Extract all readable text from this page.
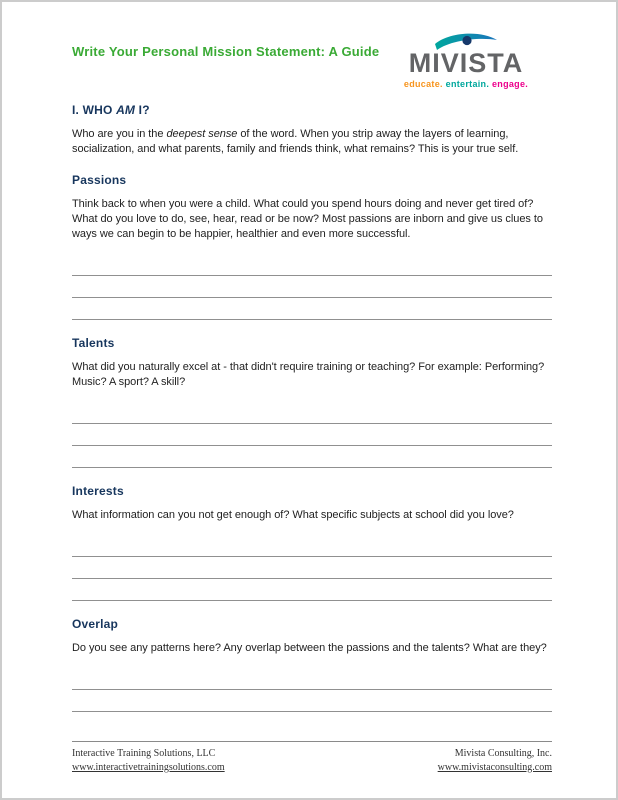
Write Your Personal Mission Statement: A Guide	MIVISTA
educate. entertain. engage.
I. WHO AM I?

Who are you in the deepest sense of the word. When you strip away the layers of learning, socialization, and what parents, family and friends think, what remains? This is your true self.

Passions

Think back to when you were a child. What could you spend hours doing and never get tired of? What do you love to do, see, hear, read or be now? Most passions are inborn and give us clues to ways we can begin to be happier, healthier and even more successful.

Talents

What did you naturally excel at - that didn't require training or teaching? For example: Performing? Music? A sport? A skill?

Interests

What information can you not get enough of? What specific subjects at school did you love?

Overlap

Do you see any patterns here? Any overlap between the passions and the talents? What are they?

Interactive Training Solutions, LLC
www.interactivetrainingsolutions.com
Mivista Consulting, Inc.
www.mivistaconsulting.com
